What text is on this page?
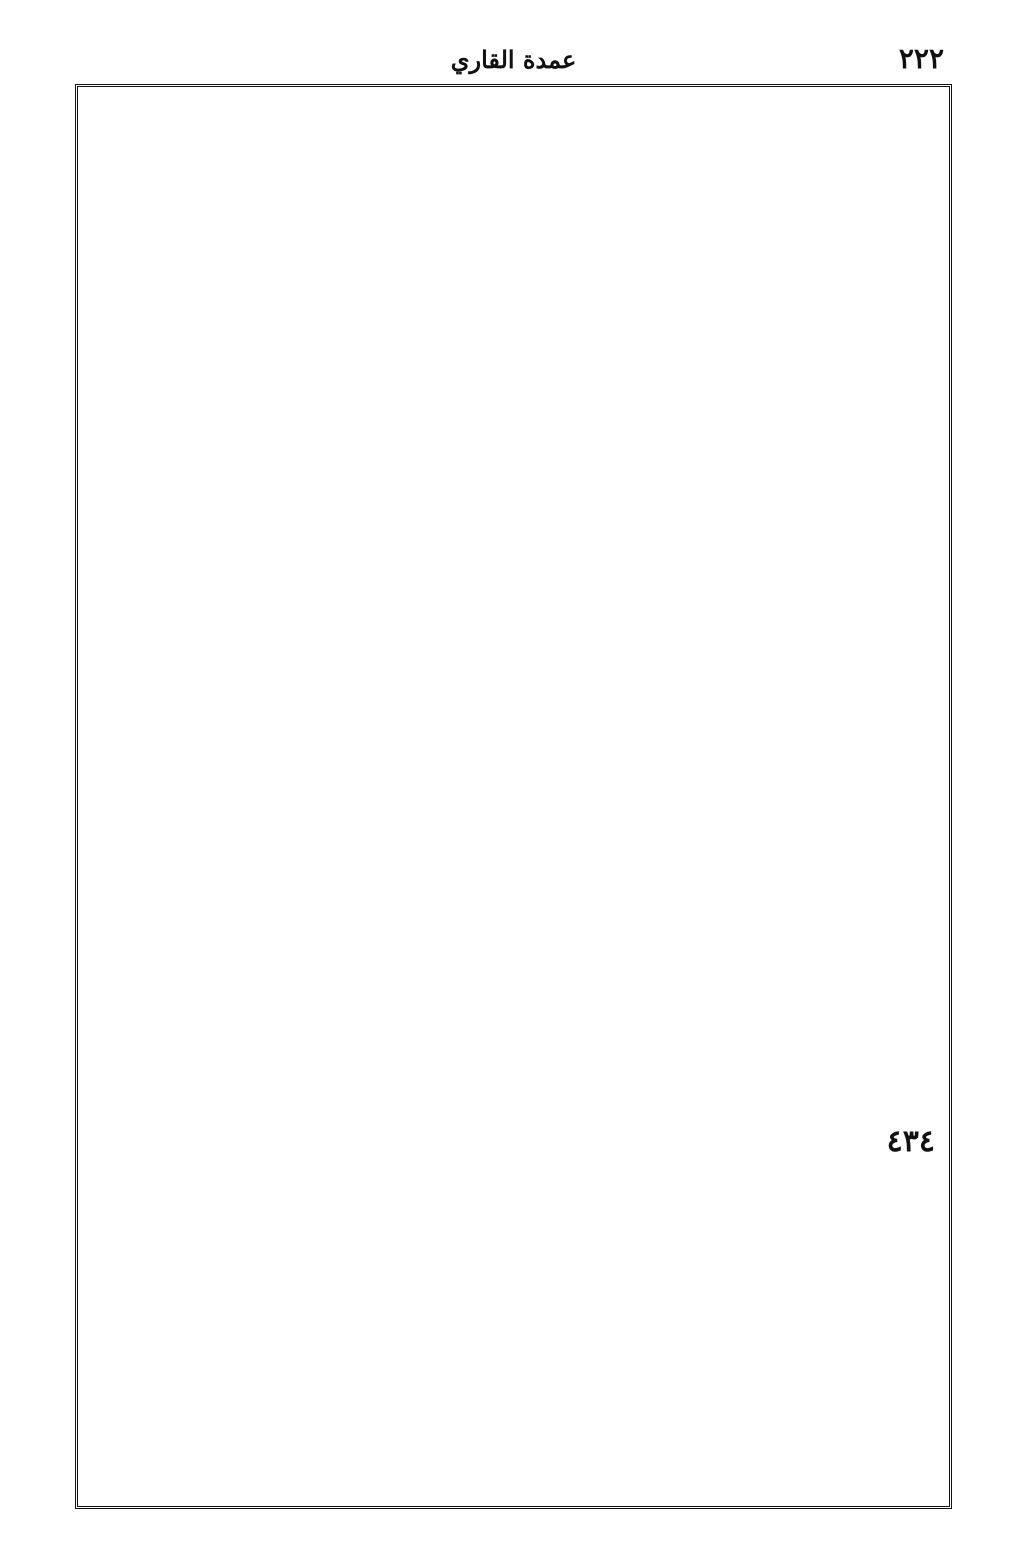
عمدة القاري	٢٢٢
٤٣٤
